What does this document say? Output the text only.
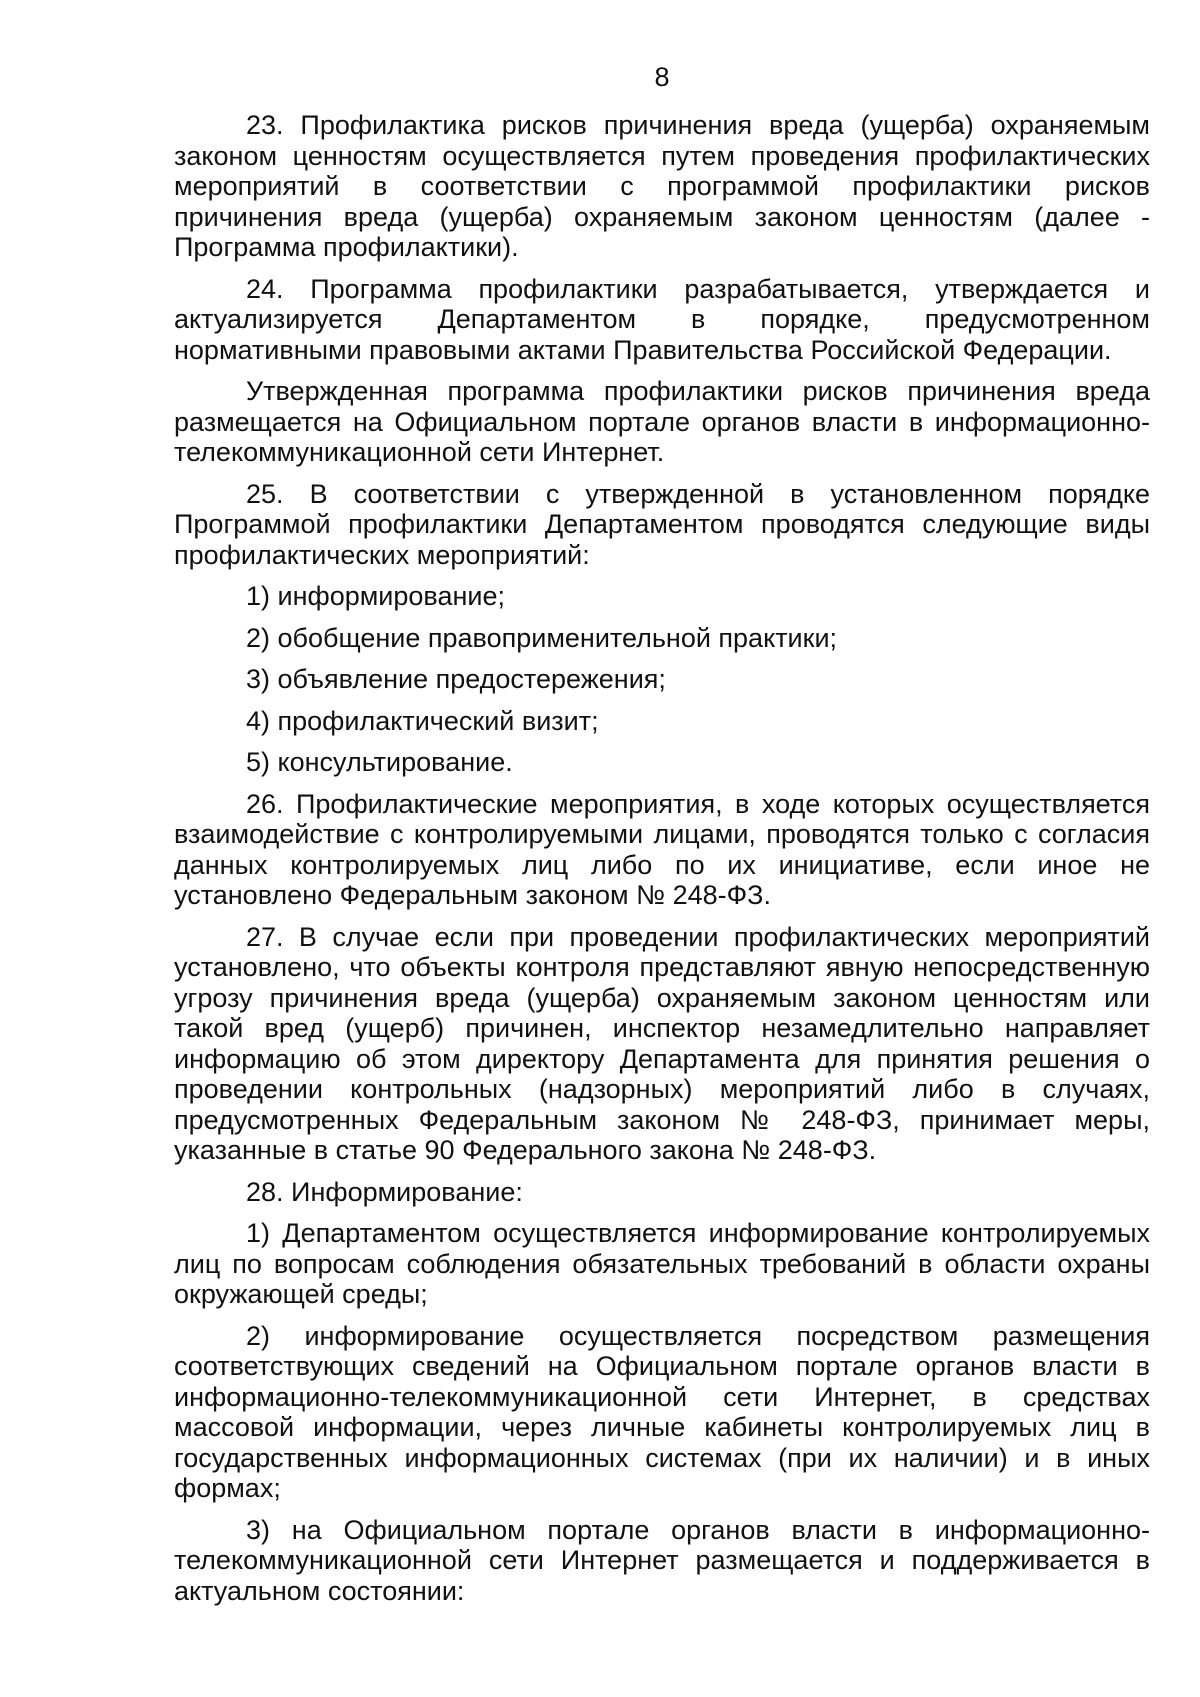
8

23. Профилактика рисков причинения вреда (ущерба) охраняемым законом ценностям осуществляется путем проведения профилактических мероприятий в соответствии с программой профилактики рисков причинения вреда (ущерба) охраняемым законом ценностям (далее - Программа профилактики).

24. Программа профилактики разрабатывается, утверждается и актуализируется Департаментом в порядке, предусмотренном нормативными правовыми актами Правительства Российской Федерации.

Утвержденная программа профилактики рисков причинения вреда размещается на Официальном портале органов власти в информационно-телекоммуникационной сети Интернет.

25. В соответствии с утвержденной в установленном порядке Программой профилактики Департаментом проводятся следующие виды профилактических мероприятий:

1) информирование;

2) обобщение правоприменительной практики;

3) объявление предостережения;

4) профилактический визит;

5) консультирование.

26. Профилактические мероприятия, в ходе которых осуществляется взаимодействие с контролируемыми лицами, проводятся только с согласия данных контролируемых лиц либо по их инициативе, если иное не установлено Федеральным законом № 248-ФЗ.

27. В случае если при проведении профилактических мероприятий установлено, что объекты контроля представляют явную непосредственную угрозу причинения вреда (ущерба) охраняемым законом ценностям или такой вред (ущерб) причинен, инспектор незамедлительно направляет информацию об этом директору Департамента для принятия решения о проведении контрольных (надзорных) мероприятий либо в случаях, предусмотренных Федеральным законом № 248-ФЗ, принимает меры, указанные в статье 90 Федерального закона № 248-ФЗ.

28. Информирование:

1) Департаментом осуществляется информирование контролируемых лиц по вопросам соблюдения обязательных требований в области охраны окружающей среды;

2) информирование осуществляется посредством размещения соответствующих сведений на Официальном портале органов власти в информационно-телекоммуникационной сети Интернет, в средствах массовой информации, через личные кабинеты контролируемых лиц в государственных информационных системах (при их наличии) и в иных формах;

3) на Официальном портале органов власти в информационно-телекоммуникационной сети Интернет размещается и поддерживается в актуальном состоянии:
